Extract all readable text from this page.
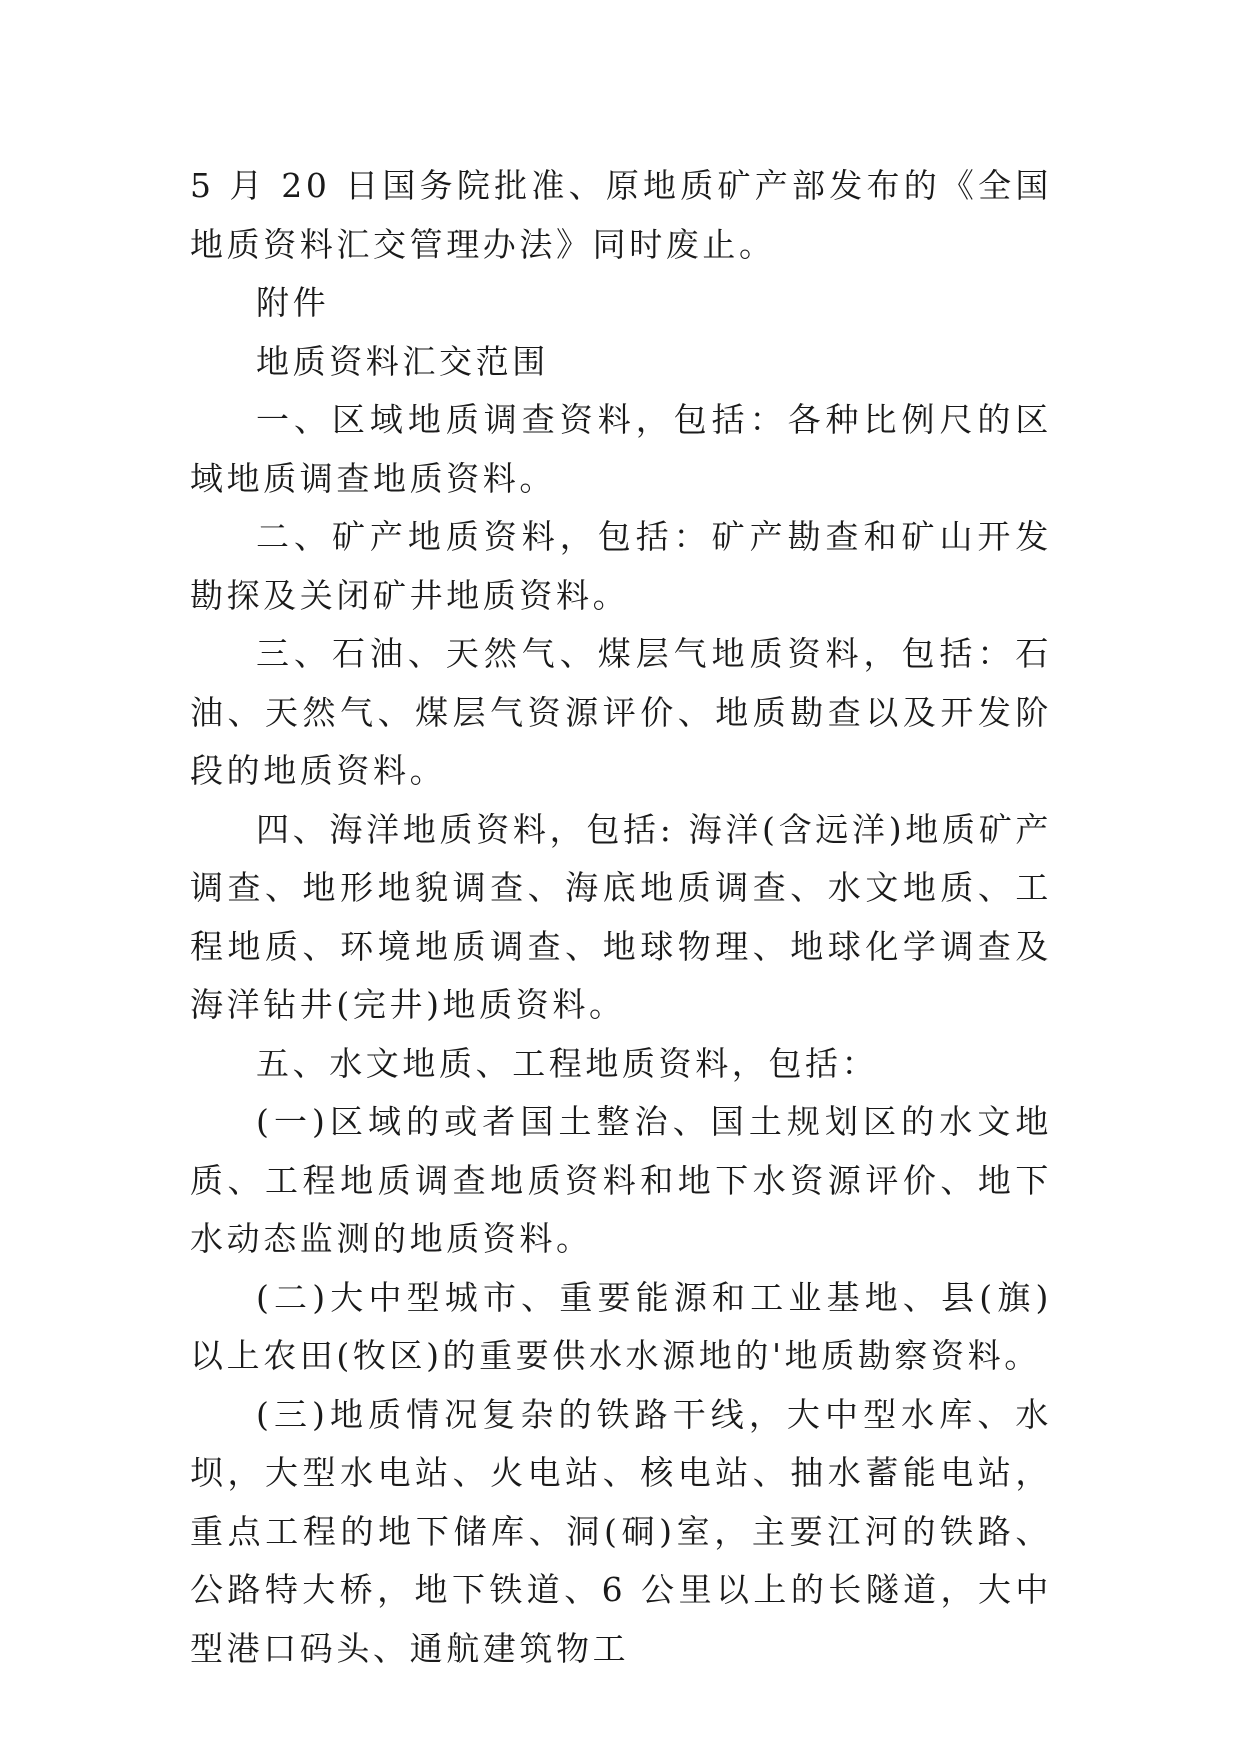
5 月 20 日国务院批准、原地质矿产部发布的《全国地质资料汇交管理办法》同时废止。

附件

地质资料汇交范围

一、区域地质调查资料，包括：各种比例尺的区域地质调查地质资料。

二、矿产地质资料，包括：矿产勘查和矿山开发勘探及关闭矿井地质资料。

三、石油、天然气、煤层气地质资料，包括：石油、天然气、煤层气资源评价、地质勘查以及开发阶段的地质资料。

四、海洋地质资料，包括: 海洋(含远洋)地质矿产调查、地形地貌调查、海底地质调查、水文地质、工程地质、环境地质调查、地球物理、地球化学调查及海洋钻井(完井)地质资料。

五、水文地质、工程地质资料，包括：

(一)区域的或者国土整治、国土规划区的水文地质、工程地质调查地质资料和地下水资源评价、地下水动态监测的地质资料。

(二)大中型城市、重要能源和工业基地、县(旗)以上农田(牧区)的重要供水水源地的'地质勘察资料。

(三)地质情况复杂的铁路干线，大中型水库、水坝，大型水电站、火电站、核电站、抽水蓄能电站，重点工程的地下储库、洞(硐)室，主要江河的铁路、公路特大桥，地下铁道、6 公里以上的长隧道，大中型港口码头、通航建筑物工
